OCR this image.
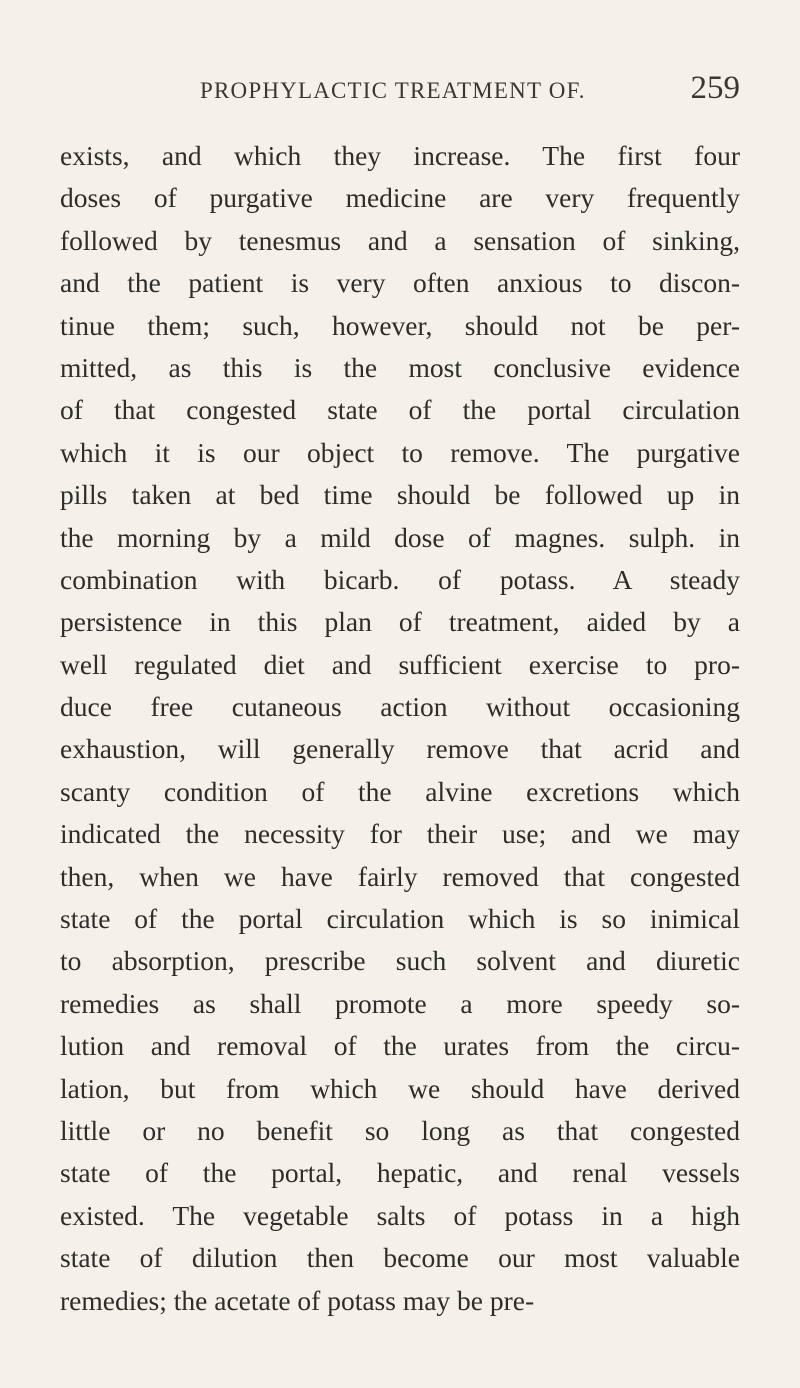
PROPHYLACTIC TREATMENT OF.	259
exists, and which they increase. The first four
doses of purgative medicine are very frequently
followed by tenesmus and a sensation of sinking,
and the patient is very often anxious to discon-
tinue them; such, however, should not be per-
mitted, as this is the most conclusive evidence
of that congested state of the portal circulation
which it is our object to remove. The purgative
pills taken at bed time should be followed up in
the morning by a mild dose of magnes. sulph. in
combination with bicarb. of potass. A steady
persistence in this plan of treatment, aided by a
well regulated diet and sufficient exercise to pro-
duce free cutaneous action without occasioning
exhaustion, will generally remove that acrid and
scanty condition of the alvine excretions which
indicated the necessity for their use; and we may
then, when we have fairly removed that congested
state of the portal circulation which is so inimical
to absorption, prescribe such solvent and diuretic
remedies as shall promote a more speedy so-
lution and removal of the urates from the circu-
lation, but from which we should have derived
little or no benefit so long as that congested
state of the portal, hepatic, and renal vessels
existed. The vegetable salts of potass in a high
state of dilution then become our most valuable
remedies; the acetate of potass may be pre-
